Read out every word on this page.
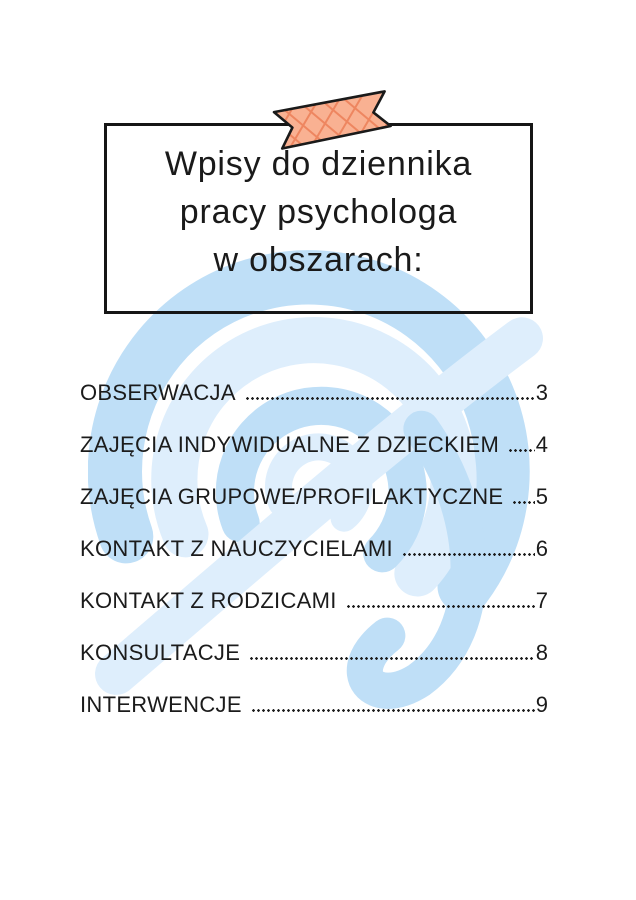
Wpisy do dziennika
pracy psychologa
w obszarach:
OBSERWACJA	3
ZAJĘCIA INDYWIDUALNE Z DZIECKIEM 4
ZAJĘCIA GRUPOWE/PROFILAKTYCZNE 5
KONTAKT Z NAUCZYCIELAMI	6
KONTAKT Z RODZICAMI	7
KONSULTACJE	8
INTERWENCJE	9
